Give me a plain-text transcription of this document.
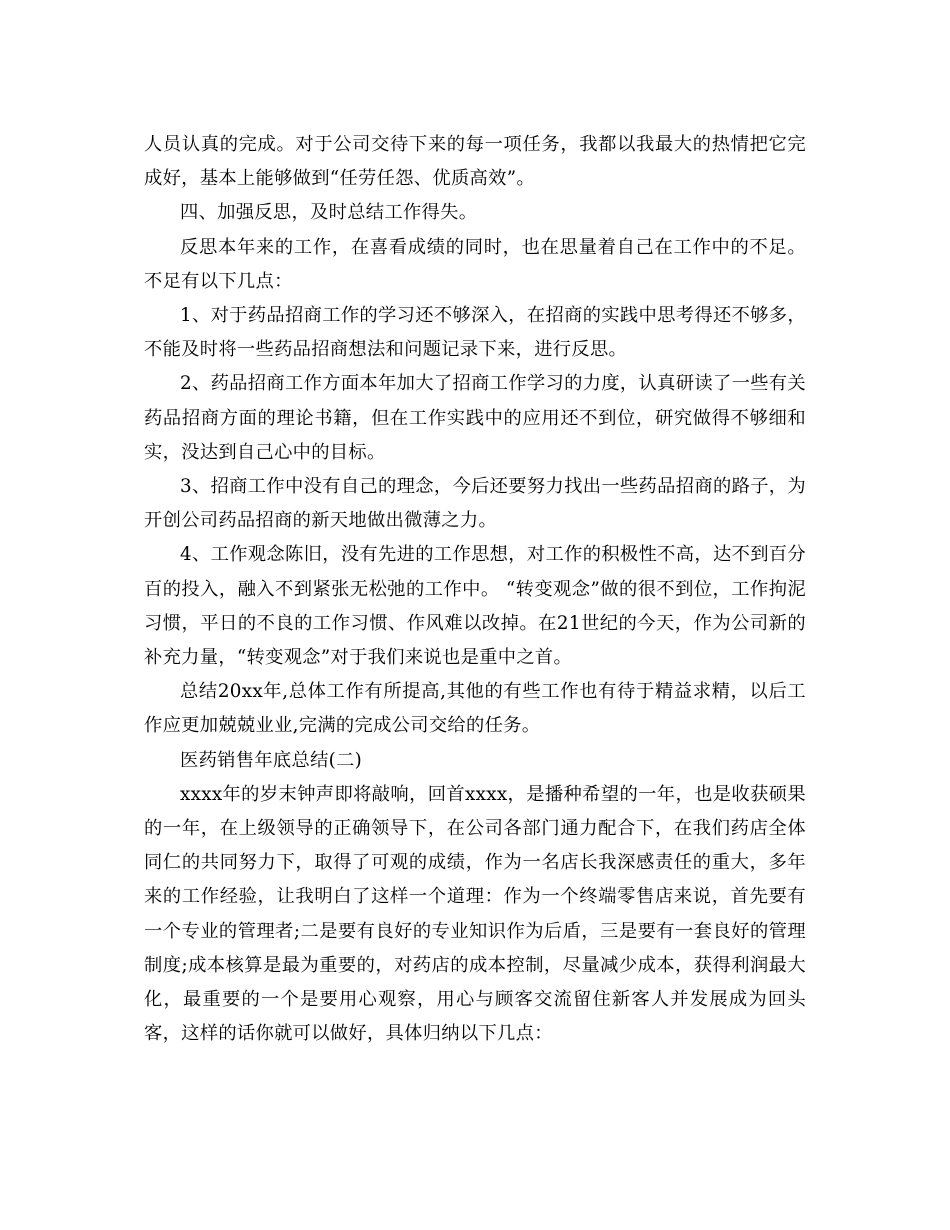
人员认真的完成。对于公司交待下来的每一项任务，我都以我最大的热情把它完成好，基本上能够做到“任劳任怨、优质高效”。

四、加强反思，及时总结工作得失。

反思本年来的工作，在喜看成绩的同时，也在思量着自己在工作中的不足。不足有以下几点：

1、对于药品招商工作的学习还不够深入，在招商的实践中思考得还不够多，不能及时将一些药品招商想法和问题记录下来，进行反思。

2、药品招商工作方面本年加大了招商工作学习的力度，认真研读了一些有关药品招商方面的理论书籍，但在工作实践中的应用还不到位，研究做得不够细和实，没达到自己心中的目标。

3、招商工作中没有自己的理念，今后还要努力找出一些药品招商的路子，为开创公司药品招商的新天地做出微薄之力。

4、工作观念陈旧，没有先进的工作思想，对工作的积极性不高，达不到百分百的投入，融入不到紧张无松弛的工作中。 “转变观念”做的很不到位，工作拘泥习惯，平日的不良的工作习惯、作风难以改掉。在21世纪的今天，作为公司新的补充力量，“转变观念”对于我们来说也是重中之首。

总结20xx年,总体工作有所提高,其他的有些工作也有待于精益求精，以后工作应更加兢兢业业,完满的完成公司交给的任务。

医药销售年底总结(二)

xxxx年的岁末钟声即将敲响，回首xxxx，是播种希望的一年，也是收获硕果的一年，在上级领导的正确领导下，在公司各部门通力配合下，在我们药店全体同仁的共同努力下，取得了可观的成绩，作为一名店长我深感责任的重大，多年来的工作经验，让我明白了这样一个道理：作为一个终端零售店来说，首先要有一个专业的管理者;二是要有良好的专业知识作为后盾，三是要有一套良好的管理制度;成本核算是最为重要的，对药店的成本控制，尽量减少成本，获得利润最大化，最重要的一个是要用心观察，用心与顾客交流留住新客人并发展成为回头客，这样的话你就可以做好，具体归纳以下几点：
